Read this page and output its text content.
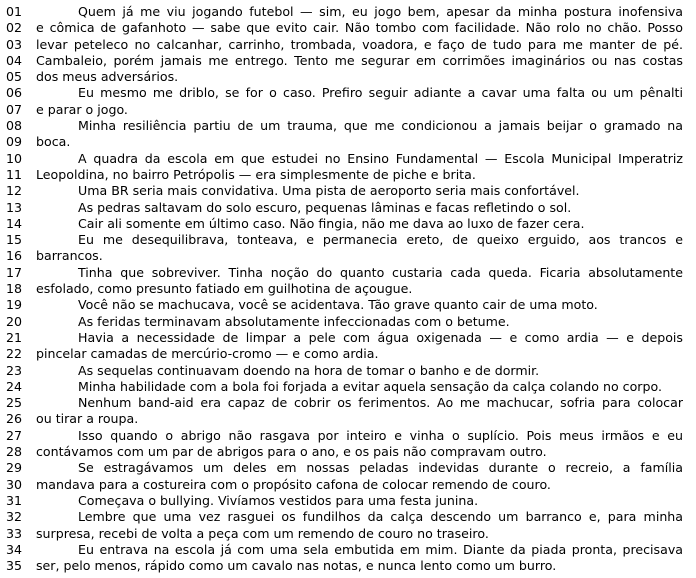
01	Quem já me viu jogando futebol — sim, eu jogo bem, apesar da minha postura inofensiva
02	e cômica de gafanhoto — sabe que evito cair. Não tombo com facilidade. Não rolo no chão. Posso
03	levar peteleco no calcanhar, carrinho, trombada, voadora, e faço de tudo para me manter de pé.
04	Cambaleio, porém jamais me entrego. Tento me segurar em corrimões imaginários ou nas costas
05	dos meus adversários.
06	Eu mesmo me driblo, se for o caso. Prefiro seguir adiante a cavar uma falta ou um pênalti
07	e parar o jogo.
08	Minha resiliência partiu de um trauma, que me condicionou a jamais beijar o gramado na
09	boca.
10	A quadra da escola em que estudei no Ensino Fundamental — Escola Municipal Imperatriz
11	Leopoldina, no bairro Petrópolis — era simplesmente de piche e brita.
12	Uma BR seria mais convidativa. Uma pista de aeroporto seria mais confortável.
13	As pedras saltavam do solo escuro, pequenas lâminas e facas refletindo o sol.
14	Cair ali somente em último caso. Não fingia, não me dava ao luxo de fazer cera.
15	Eu me desequilibrava, tonteava, e permanecia ereto, de queixo erguido, aos trancos e
16	barrancos.
17	Tinha que sobreviver. Tinha noção do quanto custaria cada queda. Ficaria absolutamente
18	esfolado, como presunto fatiado em guilhotina de açougue.
19	Você não se machucava, você se acidentava. Tão grave quanto cair de uma moto.
20	As feridas terminavam absolutamente infeccionadas com o betume.
21	Havia a necessidade de limpar a pele com água oxigenada — e como ardia — e depois
22	pincelar camadas de mercúrio-cromo — e como ardia.
23	As sequelas continuavam doendo na hora de tomar o banho e de dormir.
24	Minha habilidade com a bola foi forjada a evitar aquela sensação da calça colando no corpo.
25	Nenhum band-aid era capaz de cobrir os ferimentos. Ao me machucar, sofria para colocar
26	ou tirar a roupa.
27	Isso quando o abrigo não rasgava por inteiro e vinha o suplício. Pois meus irmãos e eu
28	contávamos com um par de abrigos para o ano, e os pais não compravam outro.
29	Se estragávamos um deles em nossas peladas indevidas durante o recreio, a família
30	mandava para a costureira com o propósito cafona de colocar remendo de couro.
31	Começava o bullying. Vivíamos vestidos para uma festa junina.
32	Lembre que uma vez rasguei os fundilhos da calça descendo um barranco e, para minha
33	surpresa, recebi de volta a peça com um remendo de couro no traseiro.
34	Eu entrava na escola já com uma sela embutida em mim. Diante da piada pronta, precisava
35	ser, pelo menos, rápido como um cavalo nas notas, e nunca lento como um burro.
